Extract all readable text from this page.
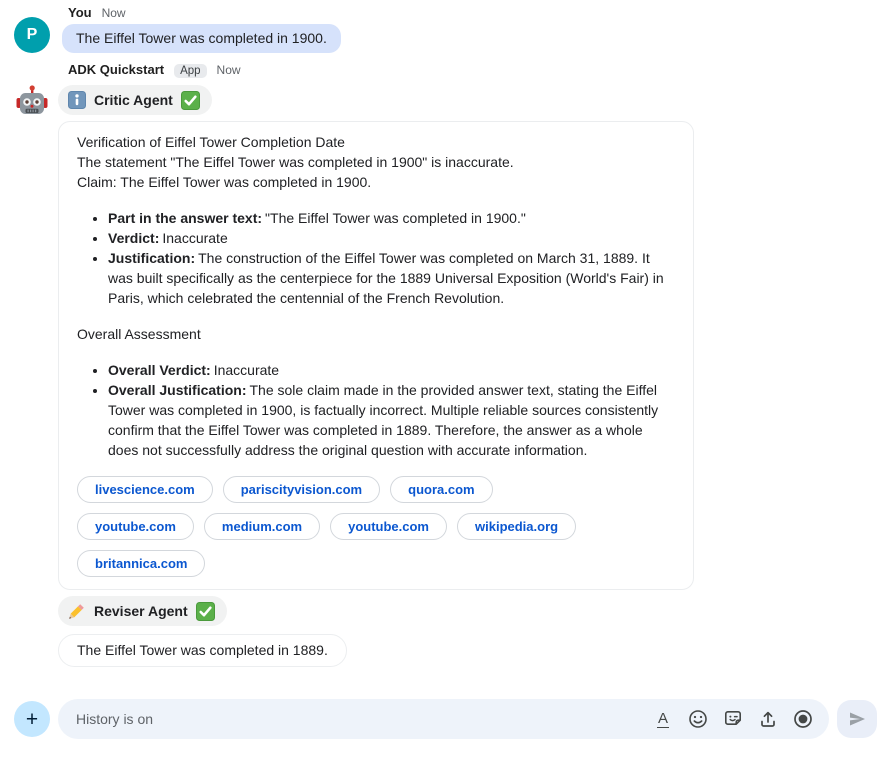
You Now
P	The Eiffel Tower was completed in 1900.
ADK Quickstart	App	Now
Critic Agent

Verification of Eiffel Tower Completion Date

The statement "The Eiffel Tower was completed in 1900" is inaccurate.

Claim: The Eiffel Tower was completed in 1900.

• Part in the answer text: "The Eiffel Tower was completed in 1900."
• Verdict: Inaccurate
• Justification: The construction of the Eiffel Tower was completed on March 31, 1889. It was built specifically as the centerpiece for the 1889 Universal Exposition (World's Fair) in Paris, which celebrated the centennial of the French Revolution.

Overall Assessment

• Overall Verdict: Inaccurate
• Overall Justification: The sole claim made in the provided answer text, stating the Eiffel Tower was completed in 1900, is factually incorrect. Multiple reliable sources consistently confirm that the Eiffel Tower was completed in 1889. Therefore, the answer as a whole does not successfully address the original question with accurate information.
livescience.com	pariscityvision.com	quora.com
youtube.com	medium.com	youtube.com	wikipedia.org
britannica.com
Reviser Agent
The Eiffel Tower was completed in 1889.
+
History is on	A
